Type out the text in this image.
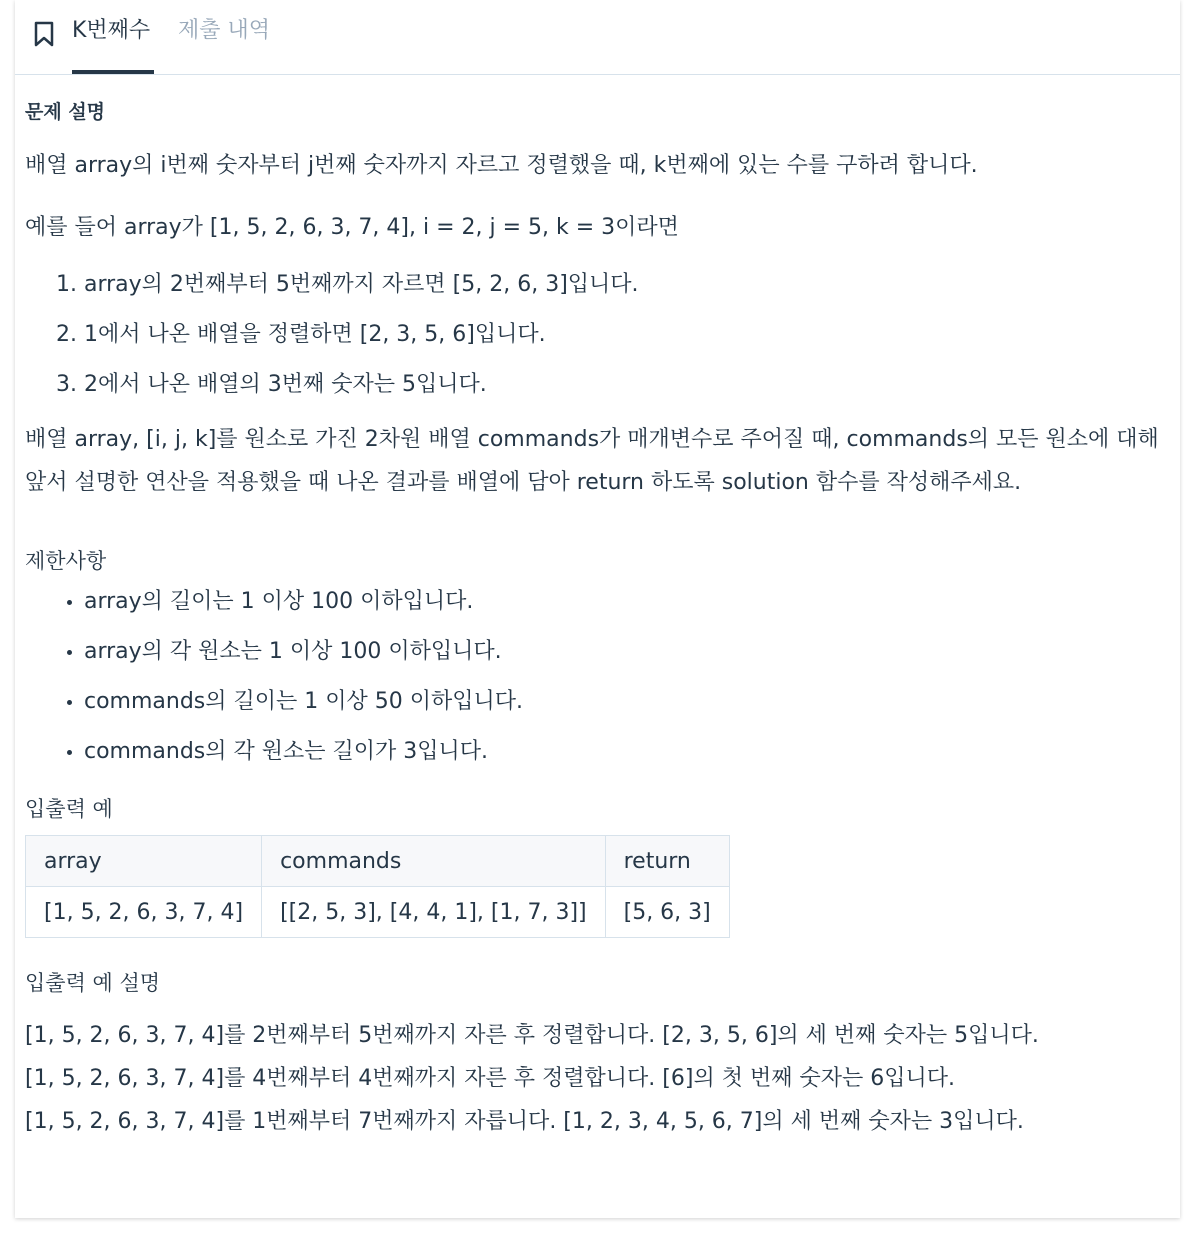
K번째수 제출 내역
문제 설명

배열 array의 i번째 숫자부터 j번째 숫자까지 자르고 정렬했을 때, k번째에 있는 수를 구하려 합니다.

예를 들어 array가 [1, 5, 2, 6, 3, 7, 4], i = 2, j = 5, k = 3이라면

1. array의 2번째부터 5번째까지 자르면 [5, 2, 6, 3]입니다.
2. 1에서 나온 배열을 정렬하면 [2, 3, 5, 6]입니다.
3. 2에서 나온 배열의 3번째 숫자는 5입니다.

배열 array, [i, j, k]를 원소로 가진 2차원 배열 commands가 매개변수로 주어질 때, commands의 모든 원소에 대해 앞서 설명한 연산을 적용했을 때 나온 결과를 배열에 담아 return 하도록 solution 함수를 작성해주세요.

제한사항
• array의 길이는 1 이상 100 이하입니다.
• array의 각 원소는 1 이상 100 이하입니다.
• commands의 길이는 1 이상 50 이하입니다.
• commands의 각 원소는 길이가 3입니다.
입출력 예
array	commands	return
[1, 5, 2, 6, 3, 7, 4]	[[2, 5, 3], [4, 4, 1], [1, 7, 3]]	[5, 6, 3]
입출력 예 설명

[1, 5, 2, 6, 3, 7, 4]를 2번째부터 5번째까지 자른 후 정렬합니다. [2, 3, 5, 6]의 세 번째 숫자는 5입니다.

[1, 5, 2, 6, 3, 7, 4]를 4번째부터 4번째까지 자른 후 정렬합니다. [6]의 첫 번째 숫자는 6입니다.

[1, 5, 2, 6, 3, 7, 4]를 1번째부터 7번째까지 자릅니다. [1, 2, 3, 4, 5, 6, 7]의 세 번째 숫자는 3입니다.
